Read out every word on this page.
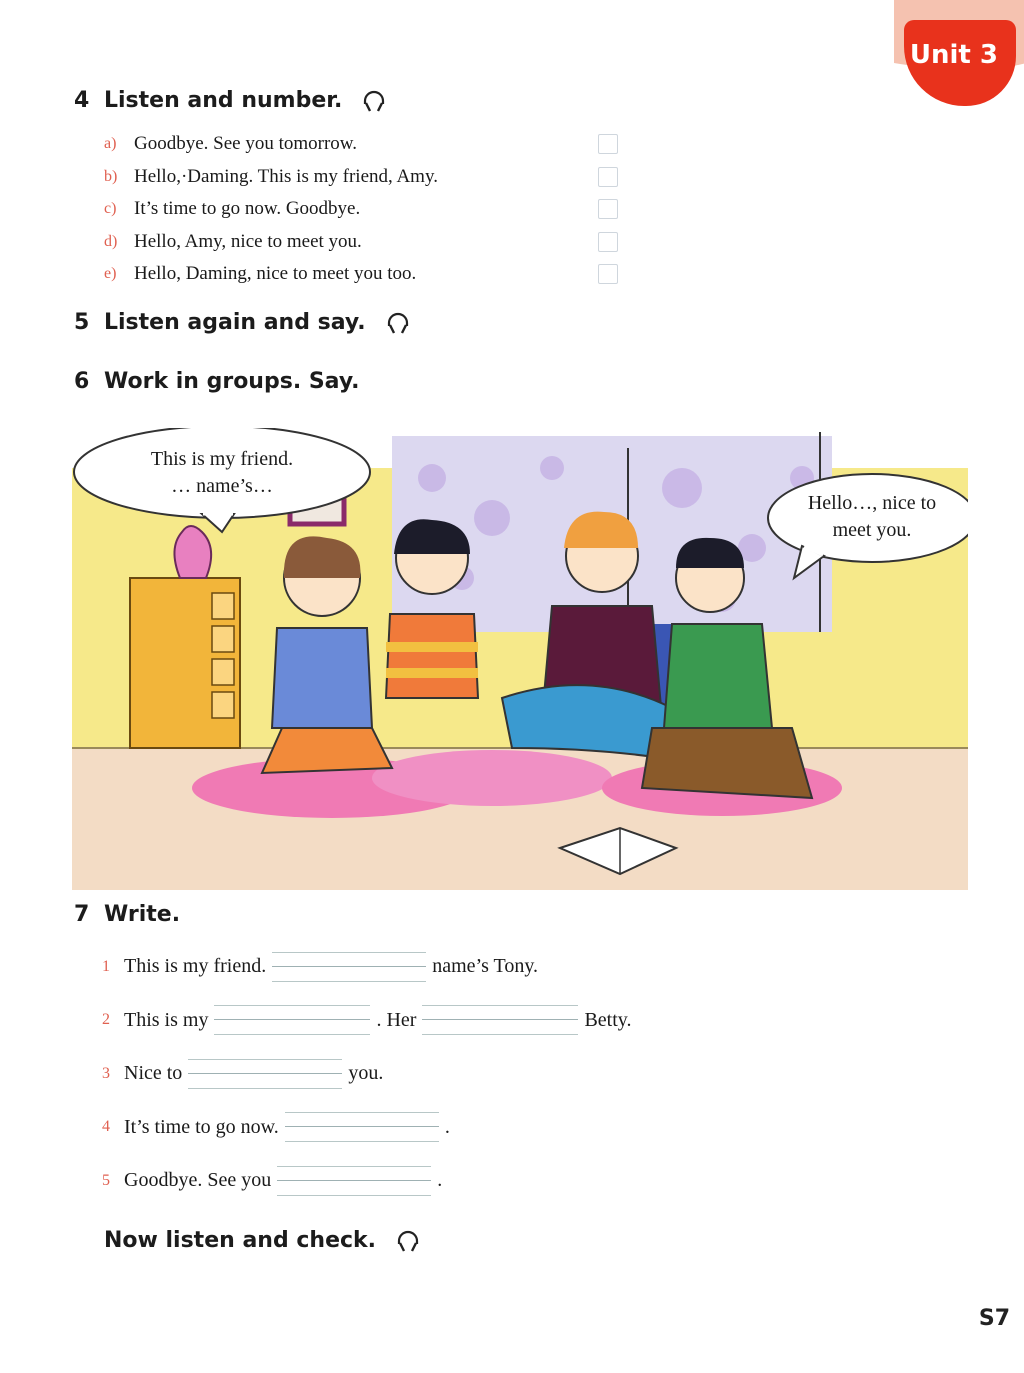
Unit 3
4 Listen and number.
a) Goodbye. See you tomorrow.
b) Hello,·Daming. This is my friend, Amy.
c) It’s time to go now. Goodbye.
d) Hello, Amy, nice to meet you.
e) Hello, Daming, nice to meet you too.
5 Listen again and say.
6 Work in groups. Say.
This is my friend.
… name’s…
Hello…, nice to
meet you.
7 Write.
1 This is my friend.	name’s Tony.
2 This is my	. Her	Betty.
3 Nice to	you.
4 It’s time to go now.	.
5 Goodbye. See you	.
Now listen and check.
S7
